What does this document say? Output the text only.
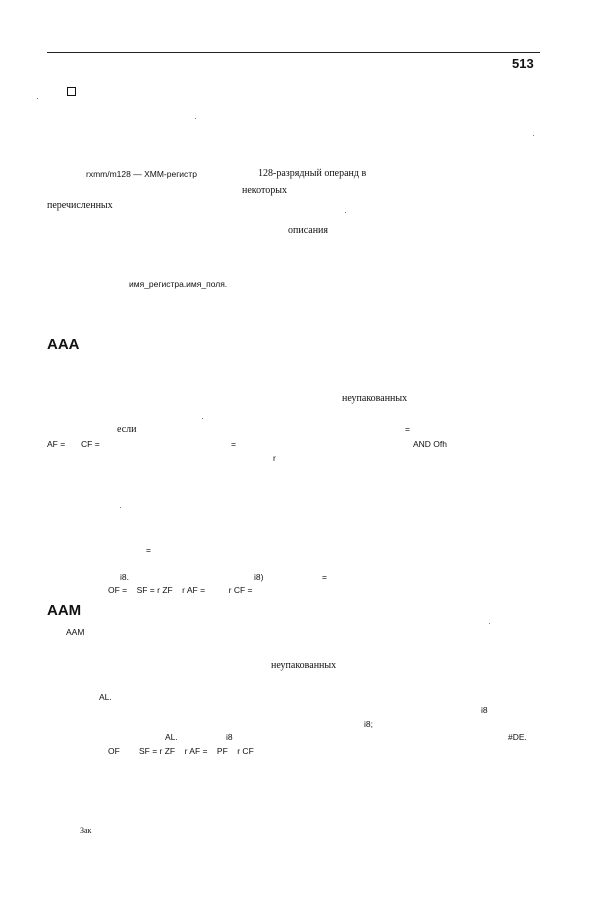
513
rxmm/m128 — XMM-регистр	128-разрядный операнд в
некоторых
перечисленных
описания
имя_регистра.имя_поля.
AAA
неупакованных
если	=
AF = CF =	=	AND Ofh
r
=
i8.	i8)	=
OF =    SF = r ZF    r AF =          r CF =
AAM
AAM
неупакованных
AL.
i8
i8;
AL.	i8	#DE.
OF SF = r ZF    r AF =    PF    r CF
Зак
